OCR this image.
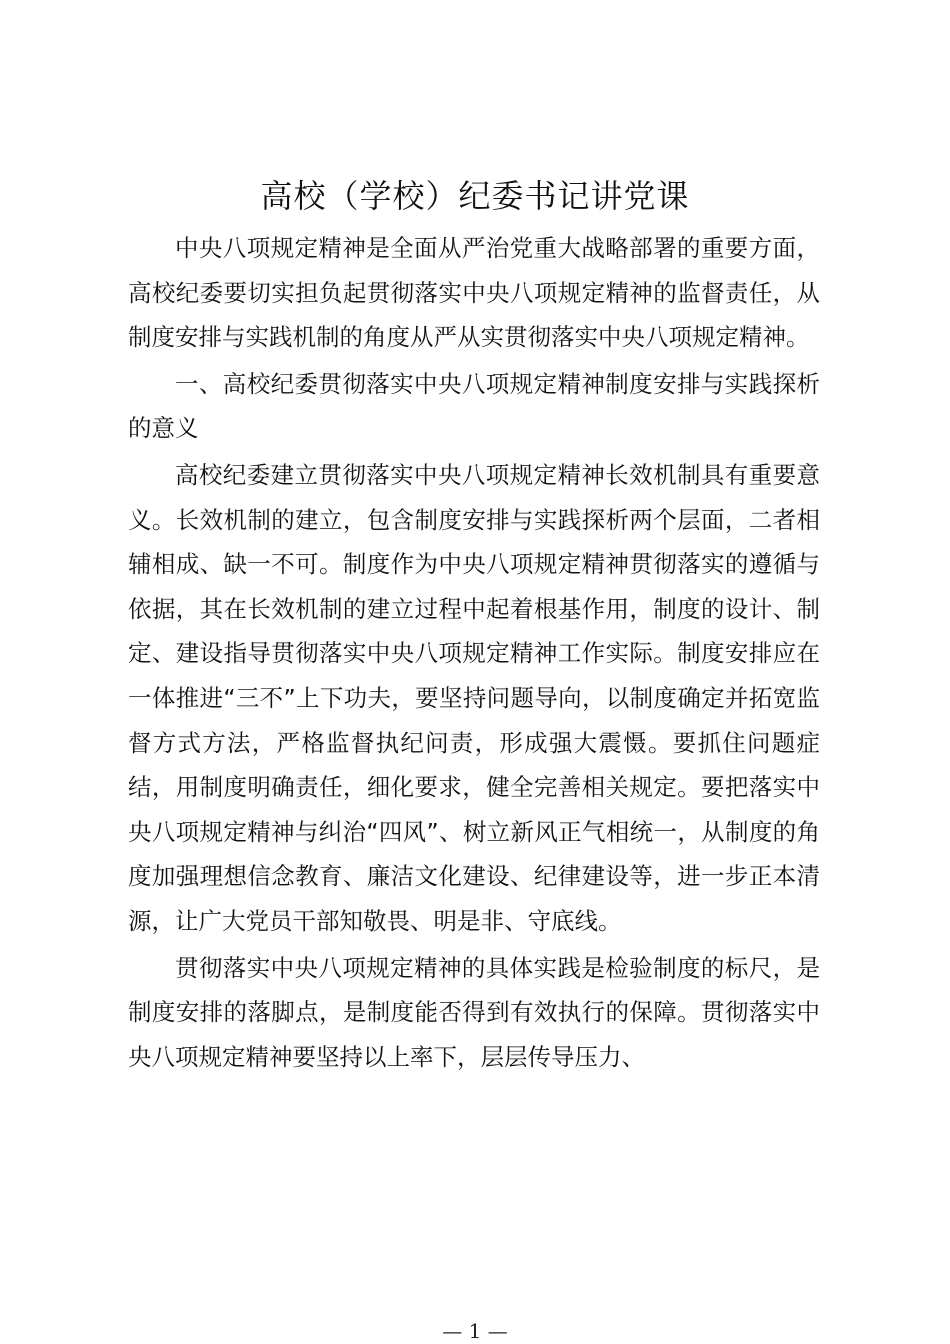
高校（学校）纪委书记讲党课

中央八项规定精神是全面从严治党重大战略部署的重要方面，高校纪委要切实担负起贯彻落实中央八项规定精神的监督责任，从制度安排与实践机制的角度从严从实贯彻落实中央八项规定精神。

一、高校纪委贯彻落实中央八项规定精神制度安排与实践探析的意义

高校纪委建立贯彻落实中央八项规定精神长效机制具有重要意义。长效机制的建立，包含制度安排与实践探析两个层面，二者相辅相成、缺一不可。制度作为中央八项规定精神贯彻落实的遵循与依据，其在长效机制的建立过程中起着根基作用，制度的设计、制定、建设指导贯彻落实中央八项规定精神工作实际。制度安排应在一体推进“三不”上下功夫，要坚持问题导向，以制度确定并拓宽监督方式方法，严格监督执纪问责，形成强大震慑。要抓住问题症结，用制度明确责任，细化要求，健全完善相关规定。要把落实中央八项规定精神与纠治“四风”、树立新风正气相统一，从制度的角度加强理想信念教育、廉洁文化建设、纪律建设等，进一步正本清源，让广大党员干部知敬畏、明是非、守底线。

贯彻落实中央八项规定精神的具体实践是检验制度的标尺，是制度安排的落脚点，是制度能否得到有效执行的保障。贯彻落实中央八项规定精神要坚持以上率下，层层传导压力、

— 1 —
